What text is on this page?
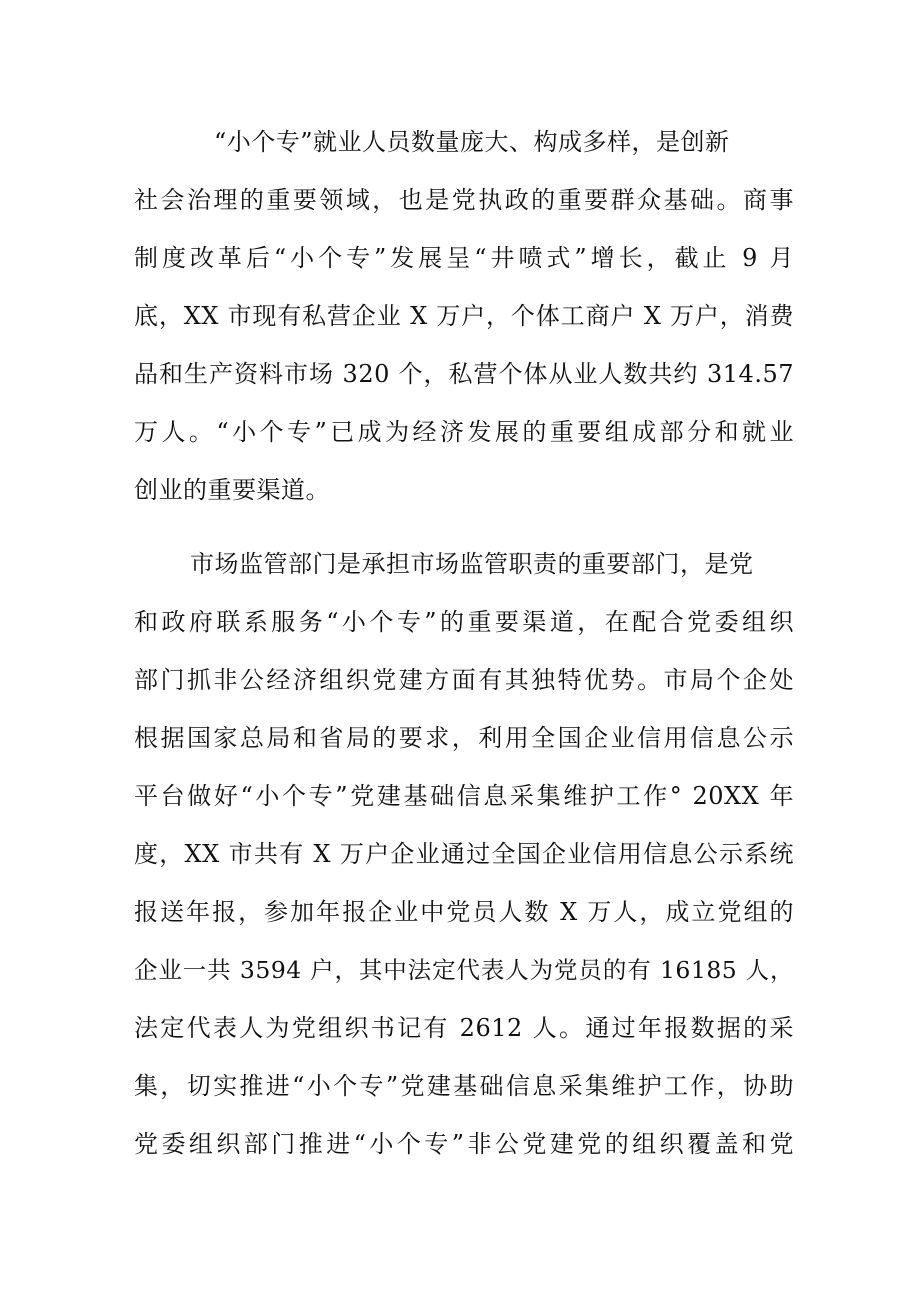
“小个专”就业人员数量庞大、构成多样，是创新
社会治理的重要领域，也是党执政的重要群众基础。商事
制度改革后“小个专”发展呈“井喷式”增长，截止 9 月
底，XX 市现有私营企业 X 万户，个体工商户 X 万户，消费
品和生产资料市场 320 个，私营个体从业人数共约 314.57
万人。“小个专”已成为经济发展的重要组成部分和就业
创业的重要渠道。
市场监管部门是承担市场监管职责的重要部门，是党
和政府联系服务“小个专”的重要渠道，在配合党委组织
部门抓非公经济组织党建方面有其独特优势。市局个企处
根据国家总局和省局的要求，利用全国企业信用信息公示
平台做好“小个专”党建基础信息采集维护工作° 20XX 年
度，XX 市共有 X 万户企业通过全国企业信用信息公示系统
报送年报，参加年报企业中党员人数 X 万人，成立党组的
企业一共 3594 户，其中法定代表人为党员的有 16185 人，
法定代表人为党组织书记有 2612 人。通过年报数据的采
集，切实推进“小个专”党建基础信息采集维护工作，协助
党委组织部门推进“小个专”非公党建党的组织覆盖和党
